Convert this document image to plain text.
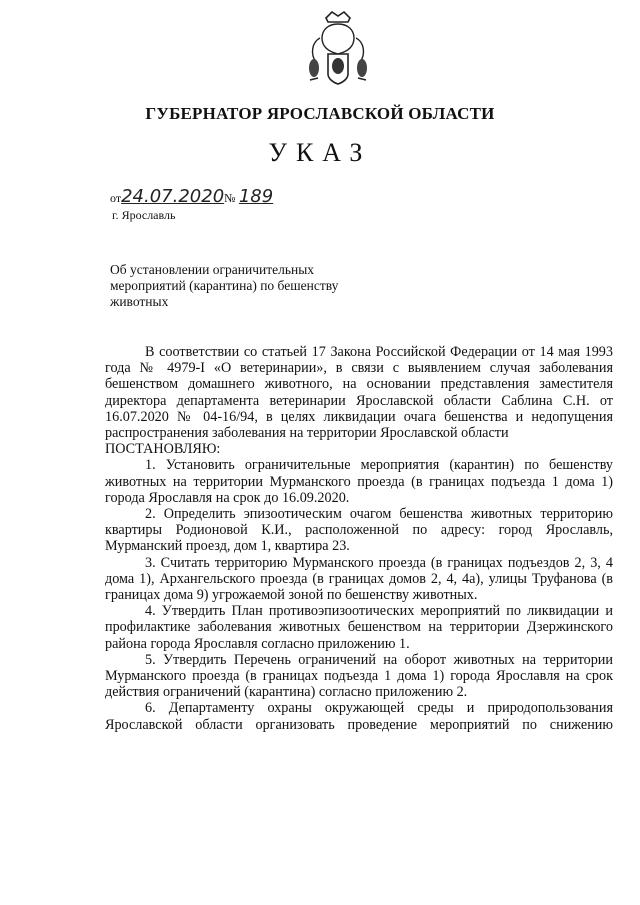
ГУБЕРНАТОР ЯРОСЛАВСКОЙ ОБЛАСТИ
УКАЗ
от24.07.2020№ 189
г. Ярославль
Об установлении ограничительных мероприятий (карантина) по бешенству животных

В соответствии со статьей 17 Закона Российской Федерации от 14 мая 1993 года № 4979-I «О ветеринарии», в связи с выявлением случая заболевания бешенством домашнего животного, на основании представления заместителя директора департамента ветеринарии Ярославской области Саблина С.Н. от 16.07.2020 № 04-16/94, в целях ликвидации очага бешенства и недопущения распространения заболевания на территории Ярославской области

ПОСТАНОВЛЯЮ:

1. Установить ограничительные мероприятия (карантин) по бешенству животных на территории Мурманского проезда (в границах подъезда 1 дома 1) города Ярославля на срок до 16.09.2020.

2. Определить эпизоотическим очагом бешенства животных территорию квартиры Родионовой К.И., расположенной по адресу: город Ярославль, Мурманский проезд, дом 1, квартира 23.

3. Считать территорию Мурманского проезда (в границах подъездов 2, 3, 4 дома 1), Архангельского проезда (в границах домов 2, 4, 4а), улицы Труфанова (в границах дома 9) угрожаемой зоной по бешенству животных.

4. Утвердить План противоэпизоотических мероприятий по ликвидации и профилактике заболевания животных бешенством на территории Дзержинского района города Ярославля согласно приложению 1.

5. Утвердить Перечень ограничений на оборот животных на территории Мурманского проезда (в границах подъезда 1 дома 1) города Ярославля на срок действия ограничений (карантина) согласно приложению 2.

6. Департаменту охраны окружающей среды и природопользования Ярославской области организовать проведение мероприятий по снижению
